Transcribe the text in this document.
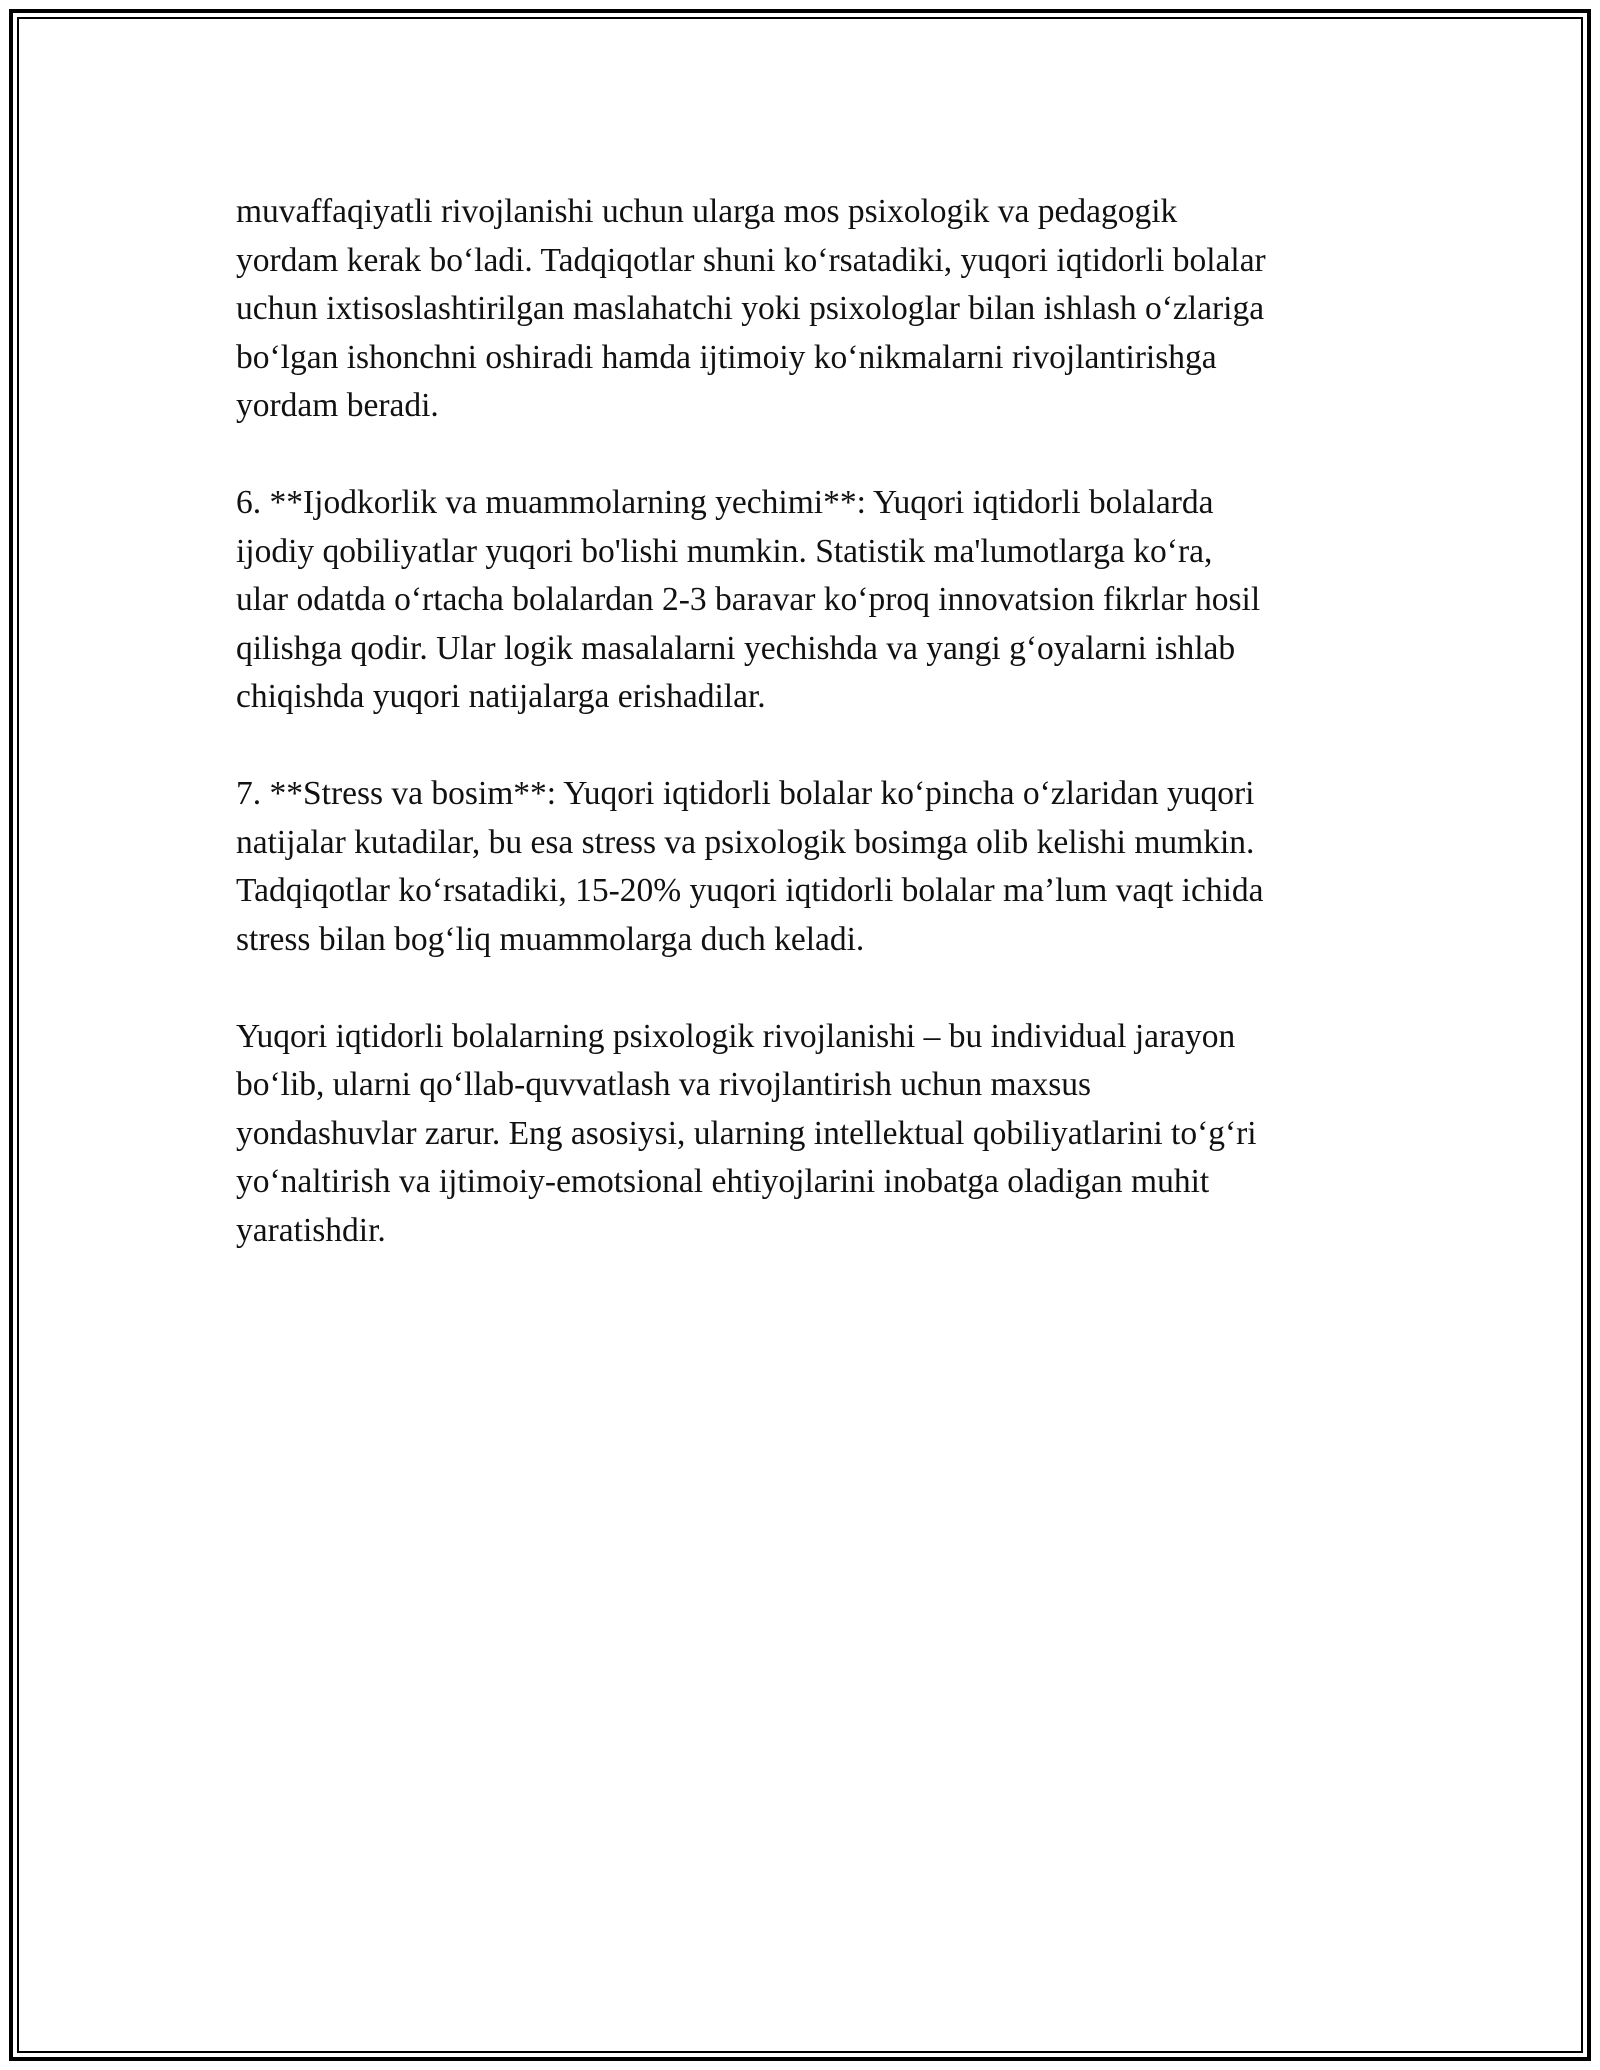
muvaffaqiyatli rivojlanishi uchun ularga mos psixologik va pedagogik
yordam kerak bo‘ladi. Tadqiqotlar shuni ko‘rsatadiki, yuqori iqtidorli bolalar
uchun ixtisoslashtirilgan maslahatchi yoki psixologlar bilan ishlash o‘zlariga
bo‘lgan ishonchni oshiradi hamda ijtimoiy ko‘nikmalarni rivojlantirishga
yordam beradi.

6. **Ijodkorlik va muammolarning yechimi**: Yuqori iqtidorli bolalarda
ijodiy qobiliyatlar yuqori bo'lishi mumkin. Statistik ma'lumotlarga ko‘ra,
ular odatda o‘rtacha bolalardan 2-3 baravar ko‘proq innovatsion fikrlar hosil
qilishga qodir. Ular logik masalalarni yechishda va yangi g‘oyalarni ishlab
chiqishda yuqori natijalarga erishadilar.

7. **Stress va bosim**: Yuqori iqtidorli bolalar ko‘pincha o‘zlaridan yuqori
natijalar kutadilar, bu esa stress va psixologik bosimga olib kelishi mumkin.
Tadqiqotlar ko‘rsatadiki, 15-20% yuqori iqtidorli bolalar ma’lum vaqt ichida
stress bilan bog‘liq muammolarga duch keladi.

Yuqori iqtidorli bolalarning psixologik rivojlanishi – bu individual jarayon
bo‘lib, ularni qo‘llab-quvvatlash va rivojlantirish uchun maxsus
yondashuvlar zarur. Eng asosiysi, ularning intellektual qobiliyatlarini to‘g‘ri
yo‘naltirish va ijtimoiy-emotsional ehtiyojlarini inobatga oladigan muhit
yaratishdir.
